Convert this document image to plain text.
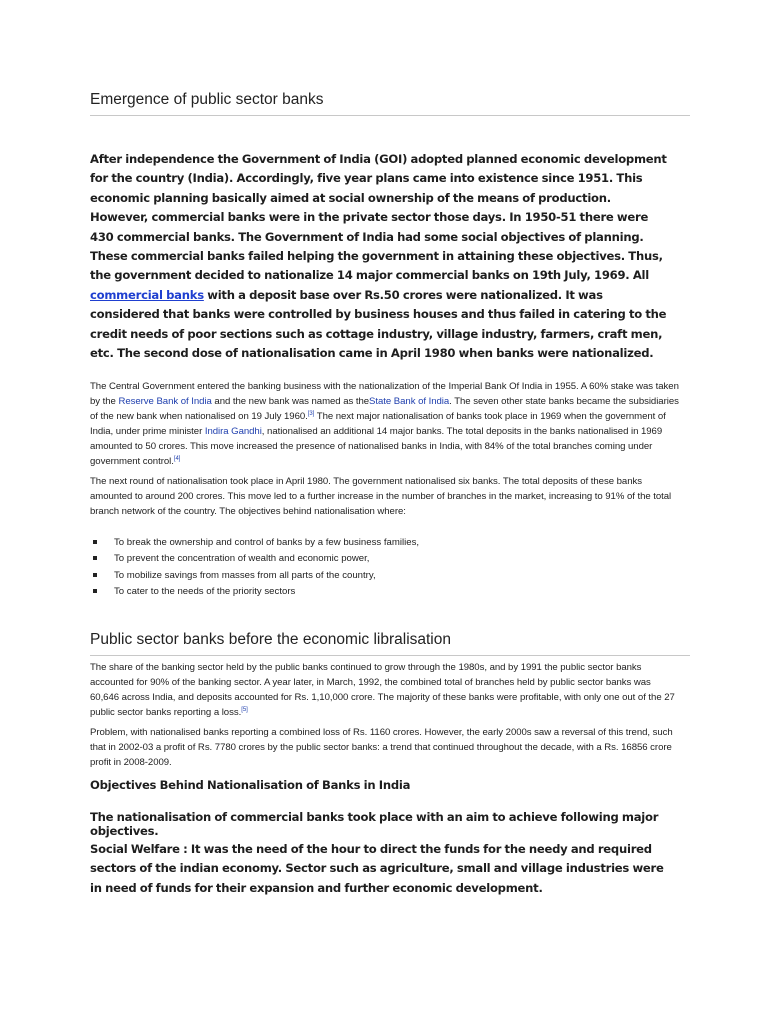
Emergence of public sector banks
After independence the Government of India (GOI) adopted planned economic development for the country (India). Accordingly, five year plans came into existence since 1951. This economic planning basically aimed at social ownership of the means of production. However, commercial banks were in the private sector those days. In 1950-51 there were 430 commercial banks. The Government of India had some social objectives of planning. These commercial banks failed helping the government in attaining these objectives. Thus, the government decided to nationalize 14 major commercial banks on 19th July, 1969. All commercial banks with a deposit base over Rs.50 crores were nationalized. It was considered that banks were controlled by business houses and thus failed in catering to the credit needs of poor sections such as cottage industry, village industry, farmers, craft men, etc. The second dose of nationalisation came in April 1980 when banks were nationalized.
The Central Government entered the banking business with the nationalization of the Imperial Bank Of India in 1955. A 60% stake was taken by the Reserve Bank of India and the new bank was named as theState Bank of India. The seven other state banks became the subsidiaries of the new bank when nationalised on 19 July 1960.[3] The next major nationalisation of banks took place in 1969 when the government of India, under prime minister Indira Gandhi, nationalised an additional 14 major banks. The total deposits in the banks nationalised in 1969 amounted to 50 crores. This move increased the presence of nationalised banks in India, with 84% of the total branches coming under government control.[4]
The next round of nationalisation took place in April 1980. The government nationalised six banks. The total deposits of these banks amounted to around 200 crores. This move led to a further increase in the number of branches in the market, increasing to 91% of the total branch network of the country. The objectives behind nationalisation where:
To break the ownership and control of banks by a few business families,
To prevent the concentration of wealth and economic power,
To mobilize savings from masses from all parts of the country,
To cater to the needs of the priority sectors
Public sector banks before the economic libralisation
The share of the banking sector held by the public banks continued to grow through the 1980s, and by 1991 the public sector banks accounted for 90% of the banking sector. A year later, in March, 1992, the combined total of branches held by public sector banks was 60,646 across India, and deposits accounted for Rs. 1,10,000 crore. The majority of these banks were profitable, with only one out of the 27 public sector banks reporting a loss.[5]
Problem, with nationalised banks reporting a combined loss of Rs. 1160 crores. However, the early 2000s saw a reversal of this trend, such that in 2002-03 a profit of Rs. 7780 crores by the public sector banks: a trend that continued throughout the decade, with a Rs. 16856 crore profit in 2008-2009.
Objectives Behind Nationalisation of Banks in India
The nationalisation of commercial banks took place with an aim to achieve following major objectives.
Social Welfare : It was the need of the hour to direct the funds for the needy and required sectors of the indian economy. Sector such as agriculture, small and village industries were in need of funds for their expansion and further economic development.
